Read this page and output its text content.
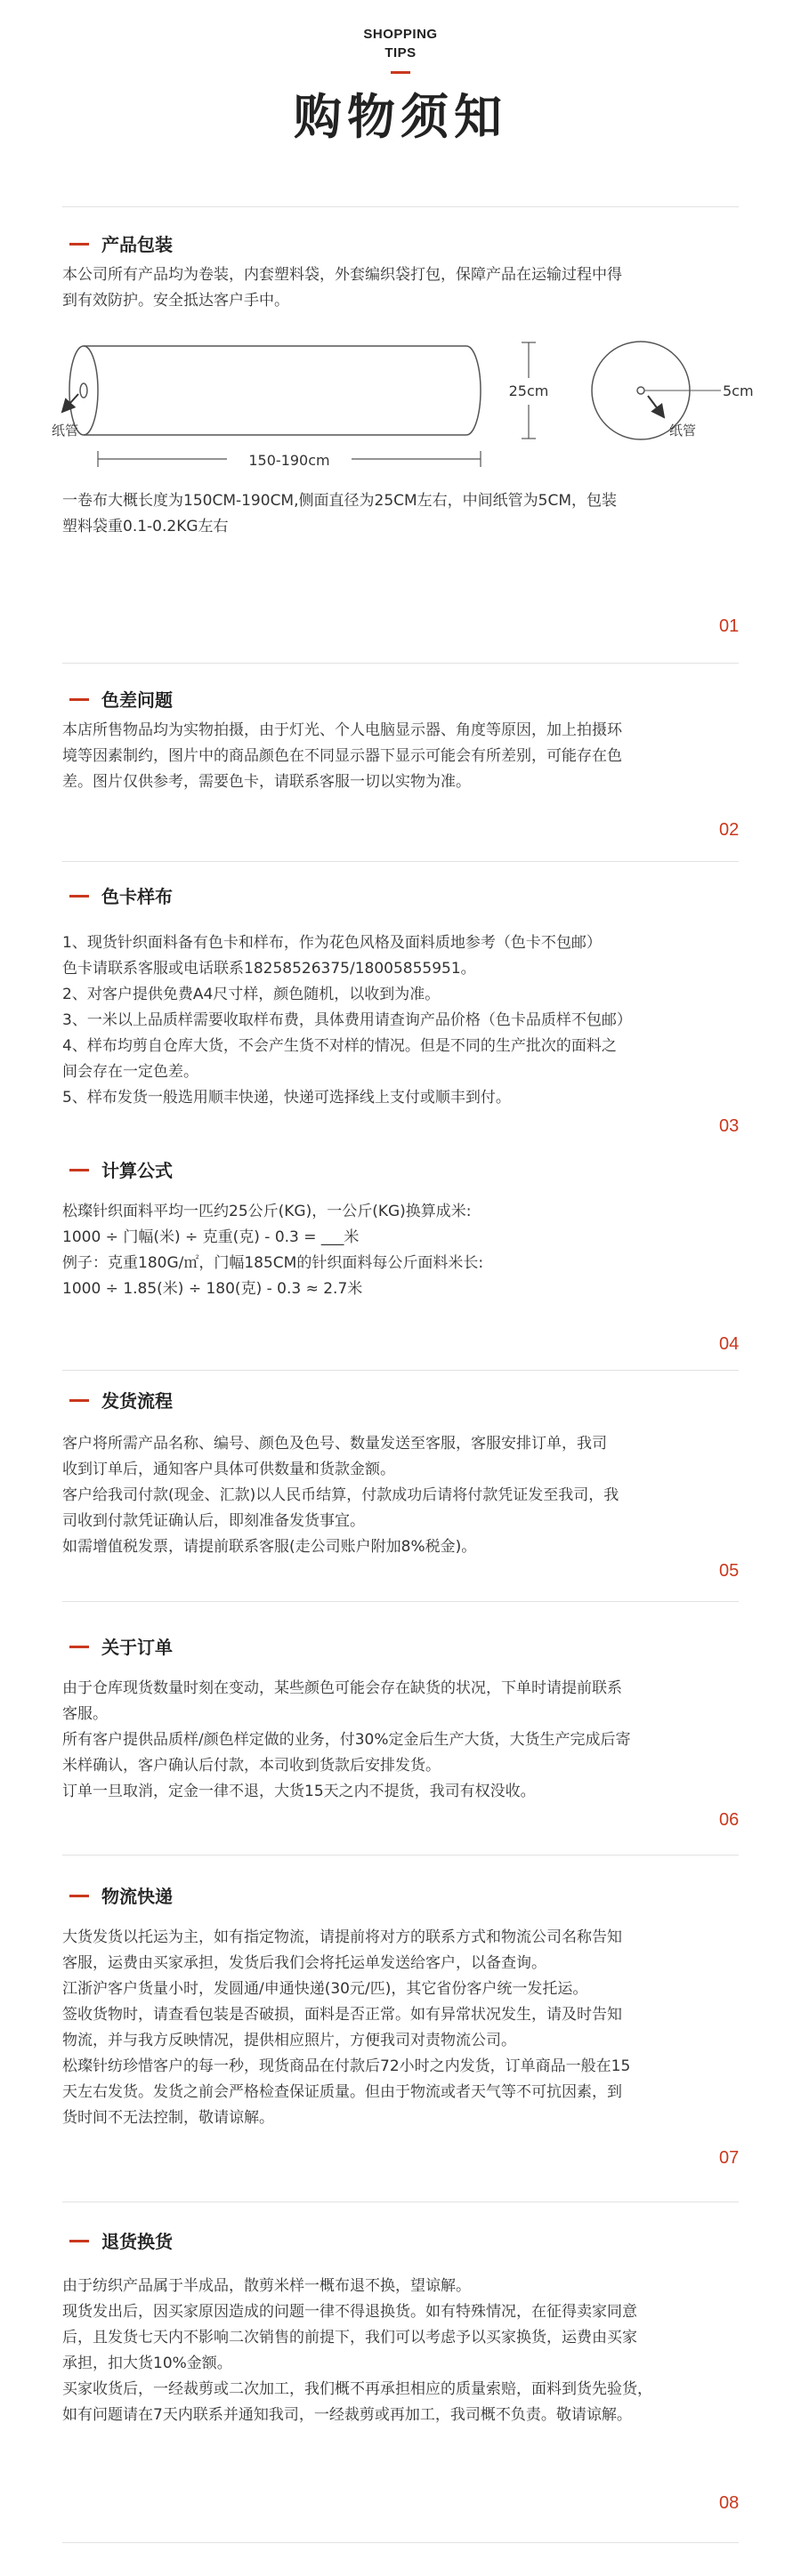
SHOPPING
TIPS
购物须知
产品包装

本公司所有产品均为卷装，内套塑料袋，外套编织袋打包，保障产品在运输过程中得

到有效防护。安全抵达客户手中。

纸管
150-190cm
25cm	5cm
纸管

一卷布大概长度为150CM-190CM,侧面直径为25CM左右，中间纸管为5CM，包装

塑料袋重0.1-0.2KG左右

01
色差问题

本店所售物品均为实物拍摄，由于灯光、个人电脑显示器、角度等原因，加上拍摄环

境等因素制约，图片中的商品颜色在不同显示器下显示可能会有所差别，可能存在色

差。图片仅供参考，需要色卡，请联系客服一切以实物为准。

02
色卡样布

1、现货针织面料备有色卡和样布，作为花色风格及面料质地参考（色卡不包邮）

色卡请联系客服或电话联系18258526375/18005855951。

2、对客户提供免费A4尺寸样，颜色随机，以收到为准。

3、一米以上品质样需要收取样布费，具体费用请查询产品价格（色卡品质样不包邮）

4、样布均剪自仓库大货，不会产生货不对样的情况。但是不同的生产批次的面料之

间会存在一定色差。

5、样布发货一般选用顺丰快递，快递可选择线上支付或顺丰到付。

03
计算公式

松璨针织面料平均一匹约25公斤(KG)，一公斤(KG)换算成米:

1000 ÷ 门幅(米) ÷ 克重(克) - 0.3 = ___米

例子：克重180G/㎡，门幅185CM的针织面料每公斤面料米长:

1000 ÷ 1.85(米) ÷ 180(克) - 0.3 ≈ 2.7米

04
发货流程

客户将所需产品名称、编号、颜色及色号、数量发送至客服，客服安排订单，我司

收到订单后，通知客户具体可供数量和货款金额。

客户给我司付款(现金、汇款)以人民币结算，付款成功后请将付款凭证发至我司，我

司收到付款凭证确认后，即刻准备发货事宜。

如需增值税发票，请提前联系客服(走公司账户附加8%税金)。

05
关于订单

由于仓库现货数量时刻在变动，某些颜色可能会存在缺货的状况，下单时请提前联系

客服。

所有客户提供品质样/颜色样定做的业务，付30%定金后生产大货，大货生产完成后寄

米样确认，客户确认后付款，本司收到货款后安排发货。

订单一旦取消，定金一律不退，大货15天之内不提货，我司有权没收。

06
物流快递

大货发货以托运为主，如有指定物流，请提前将对方的联系方式和物流公司名称告知

客服，运费由买家承担，发货后我们会将托运单发送给客户，以备查询。

江浙沪客户货量小时，发圆通/申通快递(30元/匹)，其它省份客户统一发托运。

签收货物时，请查看包装是否破损，面料是否正常。如有异常状况发生，请及时告知

物流，并与我方反映情况，提供相应照片，方便我司对责物流公司。

松璨针纺珍惜客户的每一秒，现货商品在付款后72小时之内发货，订单商品一般在15

天左右发货。发货之前会严格检查保证质量。但由于物流或者天气等不可抗因素，到

货时间不无法控制，敬请谅解。

07
退货换货

由于纺织产品属于半成品，散剪米样一概布退不换，望谅解。

现货发出后，因买家原因造成的问题一律不得退换货。如有特殊情况，在征得卖家同意

后，且发货七天内不影响二次销售的前提下，我们可以考虑予以买家换货，运费由买家

承担，扣大货10%金额。

买家收货后，一经裁剪或二次加工，我们概不再承担相应的质量索赔，面料到货先验货，

如有问题请在7天内联系并通知我司，一经裁剪或再加工，我司概不负责。敬请谅解。

08
